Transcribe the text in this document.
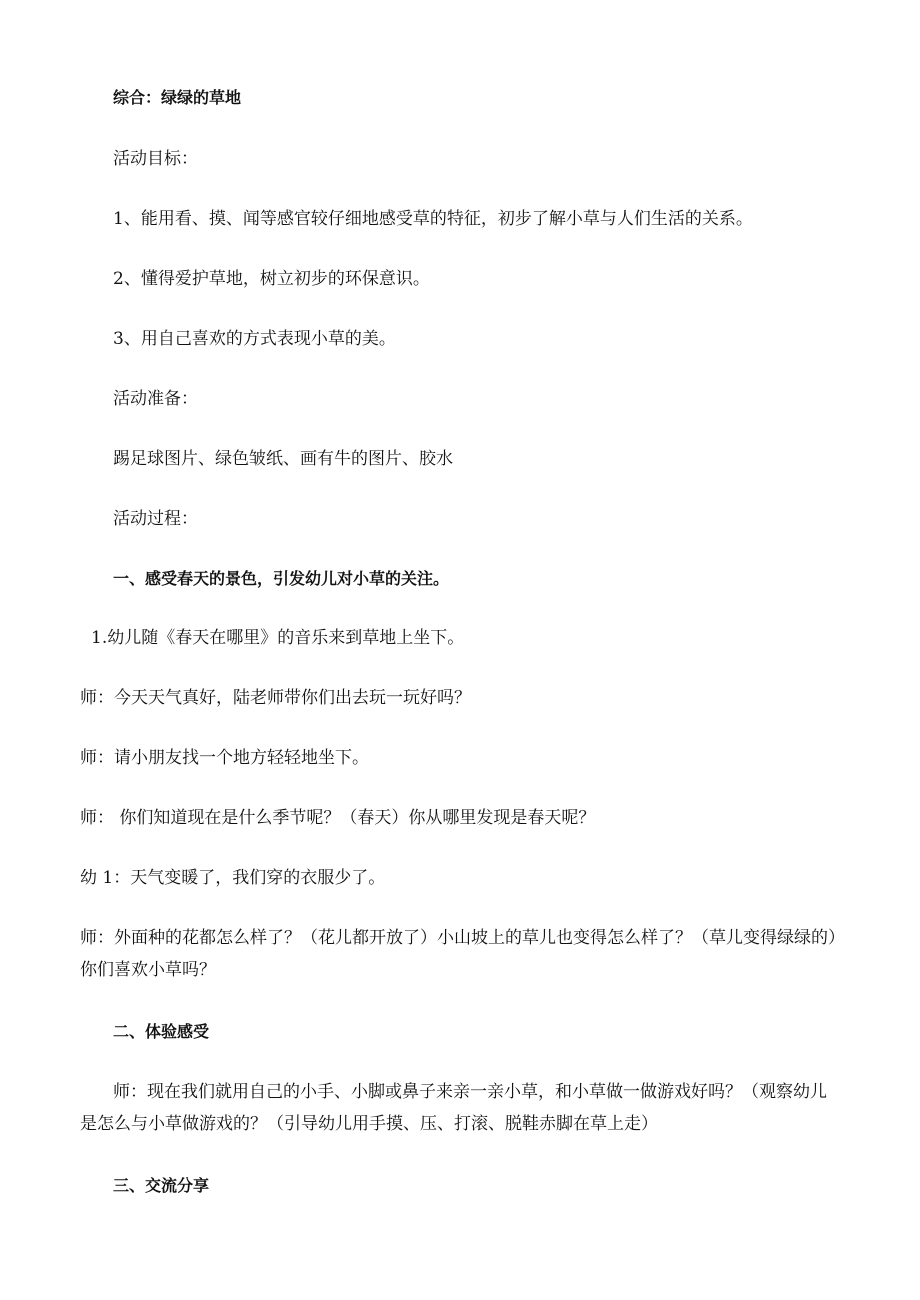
综合：绿绿的草地

活动目标：

1、能用看、摸、闻等感官较仔细地感受草的特征，初步了解小草与人们生活的关系。

2、懂得爱护草地，树立初步的环保意识。

3、用自己喜欢的方式表现小草的美。

活动准备：

踢足球图片、绿色皱纸、画有牛的图片、胶水

活动过程：

一、感受春天的景色，引发幼儿对小草的关注。

1.幼儿随《春天在哪里》的音乐来到草地上坐下。

师：今天天气真好，陆老师带你们出去玩一玩好吗？

师：请小朋友找一个地方轻轻地坐下。

师： 你们知道现在是什么季节呢？（春天）你从哪里发现是春天呢？

幼 1：天气变暖了，我们穿的衣服少了。

师：外面种的花都怎么样了？（花儿都开放了）小山坡上的草儿也变得怎么样了？（草儿变得绿绿的）你们喜欢小草吗？

二、体验感受

师：现在我们就用自己的小手、小脚或鼻子来亲一亲小草，和小草做一做游戏好吗？（观察幼儿是怎么与小草做游戏的？（引导幼儿用手摸、压、打滚、脱鞋赤脚在草上走）

三、交流分享
